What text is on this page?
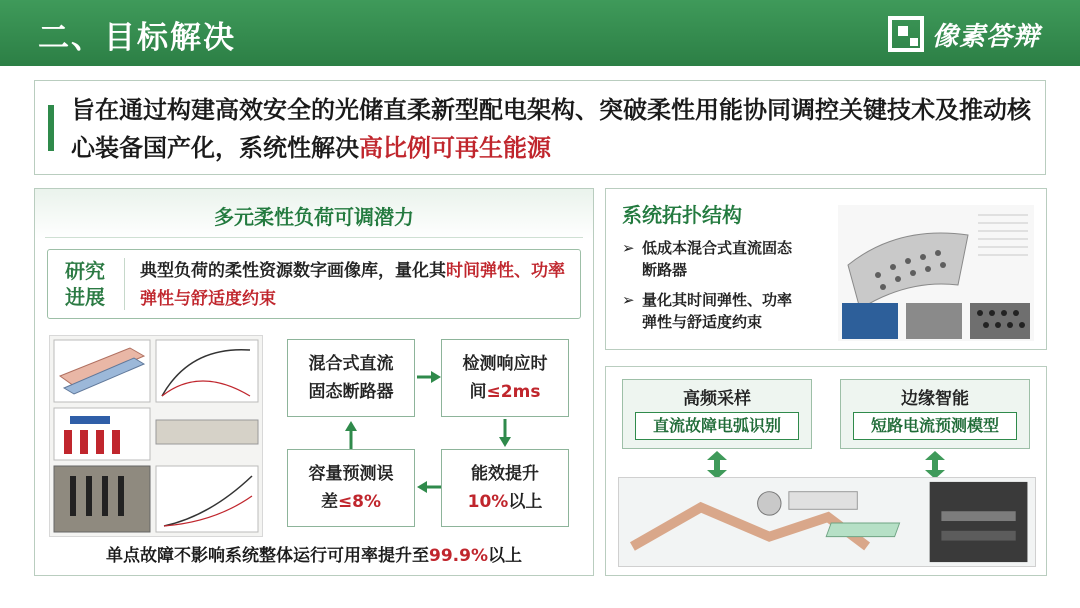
二、目标解决	像素答辩
旨在通过构建高效安全的光储直柔新型配电架构、突破柔性用能协同调控关键技术及推动核心装备国产化，系统性解决高比例可再生能源
多元柔性负荷可调潜力
研究
进展
典型负荷的柔性资源数字画像库，量化其时间弹性、功率弹性与舒适度约束
混合式直流
固态断路器
检测响应时
间≤2ms
能效提升
10%以上
容量预测误
差≤8%
单点故障不影响系统整体运行可用率提升至99.9%以上
系统拓扑结构
➢ 低成本混合式直流固态
断路器
➢ 量化其时间弹性、功率
弹性与舒适度约束
高频采样
直流故障电弧识别
边缘智能
短路电流预测模型
